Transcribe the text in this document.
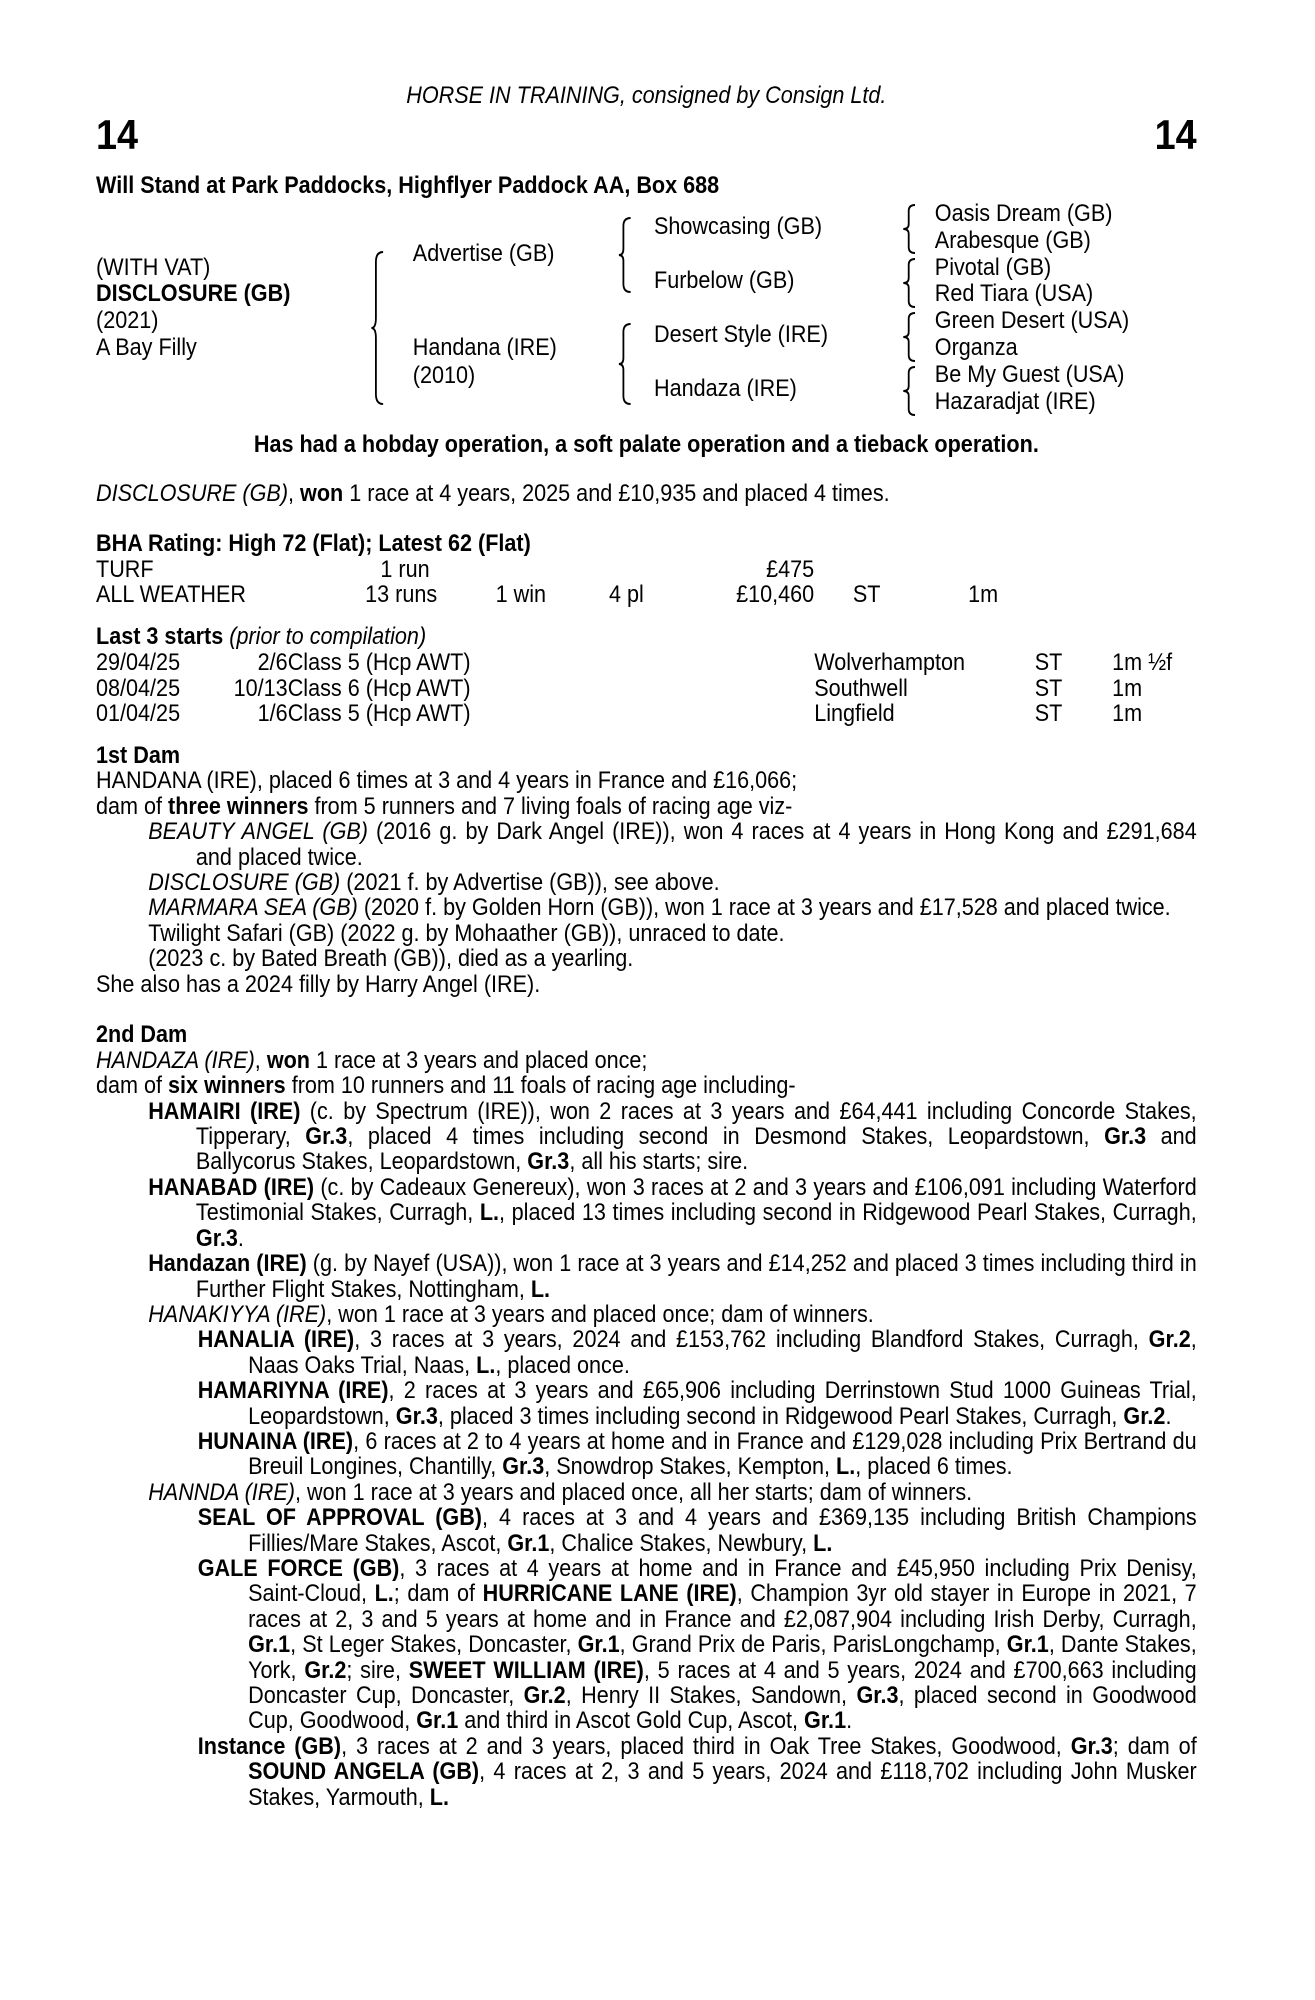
HORSE IN TRAINING, consigned by Consign Ltd.
14	14
Will Stand at Park Paddocks, Highflyer Paddock AA, Box 688
(WITH VAT)
DISCLOSURE (GB)
(2021)
A Bay Filly
Advertise (GB)
Handana (IRE)
(2010)
Showcasing (GB)
Furbelow (GB)
Desert Style (IRE)
Handaza (IRE)
Oasis Dream (GB)
Arabesque (GB)
Pivotal (GB)
Red Tiara (USA)
Green Desert (USA)
Organza
Be My Guest (USA)
Hazaradjat (IRE)
Has had a hobday operation, a soft palate operation and a tieback operation.
DISCLOSURE (GB), won 1 race at 4 years, 2025 and £10,935 and placed 4 times.
BHA Rating: High 72 (Flat); Latest 62 (Flat)
TURF	1 run	£475
ALL WEATHER	13 runs 1 win	4 pl	£10,460 ST	1m
Last 3 starts (prior to compilation)
29/04/25	2/6 Class 5 (Hcp AWT)	Wolverhampton	ST 1m ½f
08/04/25 10/13 Class 6 (Hcp AWT)	Southwell	ST 1m
01/04/25	1/6 Class 5 (Hcp AWT)	Lingfield	ST 1m

1st Dam

HANDANA (IRE), placed 6 times at 3 and 4 years in France and £16,066;

dam of three winners from 5 runners and 7 living foals of racing age viz-

BEAUTY ANGEL (GB) (2016 g. by Dark Angel (IRE)), won 4 races at 4 years in Hong Kong and £291,684 and placed twice.

DISCLOSURE (GB) (2021 f. by Advertise (GB)), see above.

MARMARA SEA (GB) (2020 f. by Golden Horn (GB)), won 1 race at 3 years and £17,528 and placed twice.

Twilight Safari (GB) (2022 g. by Mohaather (GB)), unraced to date.

(2023 c. by Bated Breath (GB)), died as a yearling.

She also has a 2024 filly by Harry Angel (IRE).

2nd Dam

HANDAZA (IRE), won 1 race at 3 years and placed once;

dam of six winners from 10 runners and 11 foals of racing age including-

HAMAIRI (IRE) (c. by Spectrum (IRE)), won 2 races at 3 years and £64,441 including Concorde Stakes, Tipperary, Gr.3, placed 4 times including second in Desmond Stakes, Leopardstown, Gr.3 and Ballycorus Stakes, Leopardstown, Gr.3, all his starts; sire.

HANABAD (IRE) (c. by Cadeaux Genereux), won 3 races at 2 and 3 years and £106,091 including Waterford Testimonial Stakes, Curragh, L., placed 13 times including second in Ridgewood Pearl Stakes, Curragh, Gr.3.

Handazan (IRE) (g. by Nayef (USA)), won 1 race at 3 years and £14,252 and placed 3 times including third in Further Flight Stakes, Nottingham, L.

HANAKIYYA (IRE), won 1 race at 3 years and placed once; dam of winners.

HANALIA (IRE), 3 races at 3 years, 2024 and £153,762 including Blandford Stakes, Curragh, Gr.2, Naas Oaks Trial, Naas, L., placed once.

HAMARIYNA (IRE), 2 races at 3 years and £65,906 including Derrinstown Stud 1000 Guineas Trial, Leopardstown, Gr.3, placed 3 times including second in Ridgewood Pearl Stakes, Curragh, Gr.2.

HUNAINA (IRE), 6 races at 2 to 4 years at home and in France and £129,028 including Prix Bertrand du Breuil Longines, Chantilly, Gr.3, Snowdrop Stakes, Kempton, L., placed 6 times.

HANNDA (IRE), won 1 race at 3 years and placed once, all her starts; dam of winners.

SEAL OF APPROVAL (GB), 4 races at 3 and 4 years and £369,135 including British Champions Fillies/Mare Stakes, Ascot, Gr.1, Chalice Stakes, Newbury, L.

GALE FORCE (GB), 3 races at 4 years at home and in France and £45,950 including Prix Denisy, Saint-Cloud, L.; dam of HURRICANE LANE (IRE), Champion 3yr old stayer in Europe in 2021, 7 races at 2, 3 and 5 years at home and in France and £2,087,904 including Irish Derby, Curragh, Gr.1, St Leger Stakes, Doncaster, Gr.1, Grand Prix de Paris, ParisLongchamp, Gr.1, Dante Stakes, York, Gr.2; sire, SWEET WILLIAM (IRE), 5 races at 4 and 5 years, 2024 and £700,663 including Doncaster Cup, Doncaster, Gr.2, Henry II Stakes, Sandown, Gr.3, placed second in Goodwood Cup, Goodwood, Gr.1 and third in Ascot Gold Cup, Ascot, Gr.1.

Instance (GB), 3 races at 2 and 3 years, placed third in Oak Tree Stakes, Goodwood, Gr.3; dam of SOUND ANGELA (GB), 4 races at 2, 3 and 5 years, 2024 and £118,702 including John Musker Stakes, Yarmouth, L.
